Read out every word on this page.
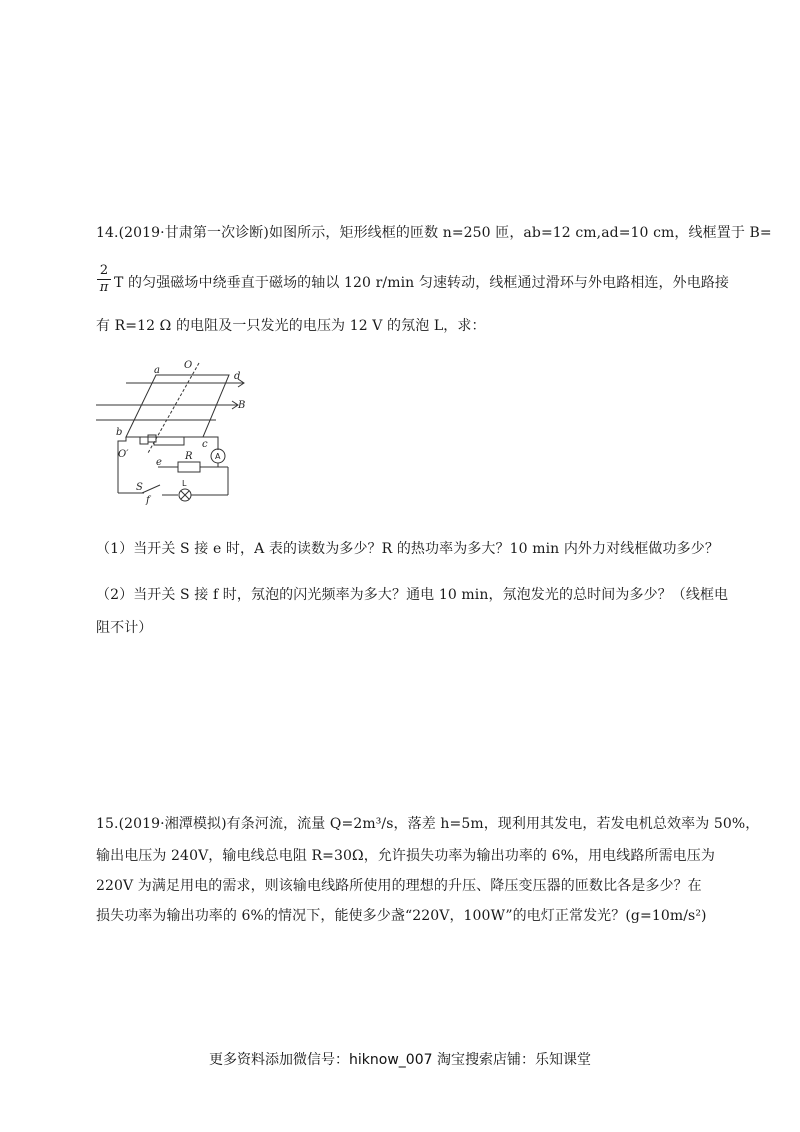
14.(2019·甘肃第一次诊断)如图所示，矩形线框的匝数 n=250 匝，ab=12 cm,ad=10 cm，线框置于 B=
2
π T 的匀强磁场中绕垂直于磁场的轴以 120 r/min 匀速转动，线框通过滑环与外电路相连，外电路接
有 R=12 Ω 的电阻及一只发光的电压为 12 V 的氖泡 L，求：
O
a
d
B
b
c
O′
e
R
S
f
A
L
（1）当开关 S 接 e 时，A 表的读数为多少？R 的热功率为多大？10 min 内外力对线框做功多少？
（2）当开关 S 接 f 时，氖泡的闪光频率为多大？通电 10 min，氖泡发光的总时间为多少？（线框电
阻不计）
15.(2019·湘潭模拟)有条河流，流量 Q=2m³/s，落差 h=5m，现利用其发电，若发电机总效率为 50%，
输出电压为 240V，输电线总电阻 R=30Ω，允许损失功率为输出功率的 6%，用电线路所需电压为
220V 为满足用电的需求，则该输电线路所使用的理想的升压、降压变压器的匝数比各是多少？在
损失功率为输出功率的 6%的情况下，能使多少盏“220V，100W”的电灯正常发光？(g=10m/s²)
更多资料添加微信号：hiknow_007 淘宝搜索店铺：乐知课堂
